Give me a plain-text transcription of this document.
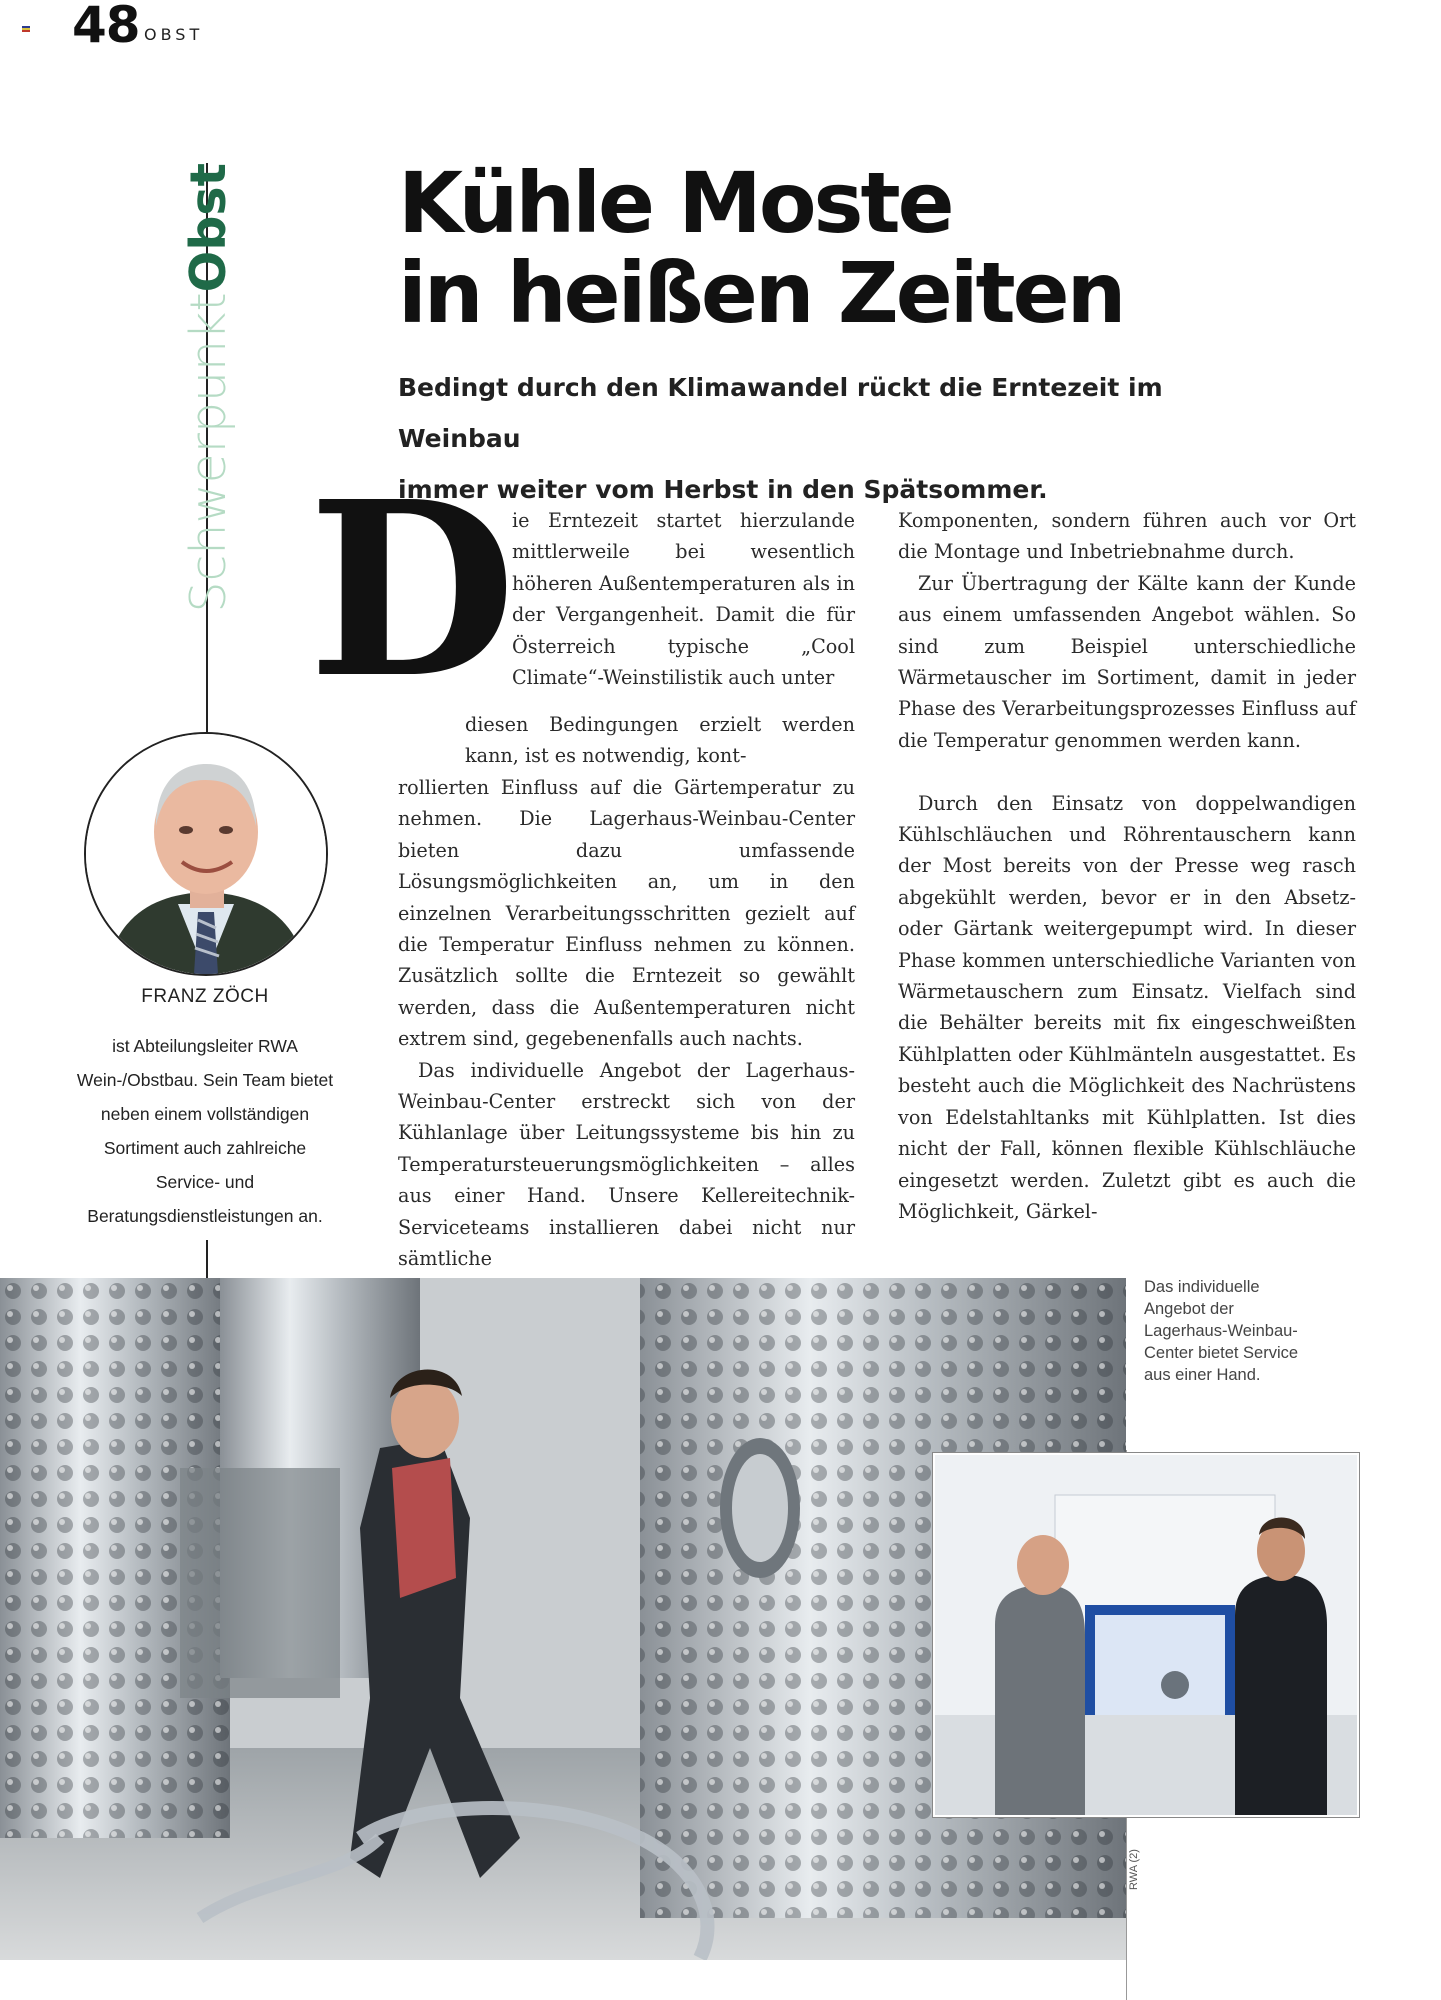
48 OBST
Schwerpunkt
Obst Kühle Moste
in heißen Zeiten
Bedingt durch den Klimawandel rückt die Erntezeit im Weinbau
immer weiter vom Herbst in den Spätsommer.
FRANZ ZÖCH
ist Abteilungsleiter RWA Wein-/Obstbau. Sein Team bietet neben einem vollständigen Sortiment auch zahlreiche Service- und Beratungsdienstleistungen an.
D
ie Erntezeit startet hierzulande mittlerweile bei wesentlich höheren Außentemperaturen als in der Vergangenheit. Damit die für Österreich typische „Cool Climate“-Weinstilistik auch unter
diesen Bedingungen erzielt werden kann, ist es notwendig, kont-
rollierten Einfluss auf die Gärtemperatur zu nehmen. Die Lagerhaus-Weinbau-Center bieten dazu umfassende Lösungsmöglichkeiten an, um in den einzelnen Verarbeitungsschritten gezielt auf die Temperatur Einfluss nehmen zu können. Zusätzlich sollte die Erntezeit so gewählt werden, dass die Außentemperaturen nicht extrem sind, gegebenenfalls auch nachts.
Das individuelle Angebot der Lagerhaus-Weinbau-Center erstreckt sich von der Kühlanlage über Leitungssysteme bis hin zu Temperatursteuerungsmöglichkeiten – alles aus einer Hand. Unsere Kellereitechnik-Serviceteams installieren dabei nicht nur sämtliche
Komponenten, sondern führen auch vor Ort die Montage und Inbetriebnahme durch.
Zur Übertragung der Kälte kann der Kunde aus einem umfassenden Angebot wählen. So sind zum Beispiel unterschiedliche Wärmetauscher im Sortiment, damit in jeder Phase des Verarbeitungsprozesses Einfluss auf die Temperatur genommen werden kann.
Durch den Einsatz von doppelwandigen Kühlschläuchen und Röhrentauschern kann der Most bereits von der Presse weg rasch abgekühlt werden, bevor er in den Absetz- oder Gärtank weitergepumpt wird. In dieser Phase kommen unterschiedliche Varianten von Wärmetauschern zum Einsatz. Vielfach sind die Behälter bereits mit fix eingeschweißten Kühlplatten oder Kühlmänteln ausgestattet. Es besteht auch die Möglichkeit des Nachrüstens von Edelstahltanks mit Kühlplatten. Ist dies nicht der Fall, können flexible Kühlschläuche eingesetzt werden. Zuletzt gibt es auch die Möglichkeit, Gärkel-
Das individuelle Angebot der Lagerhaus-Weinbau-Center bietet Service aus einer Hand.
RWA (2)
